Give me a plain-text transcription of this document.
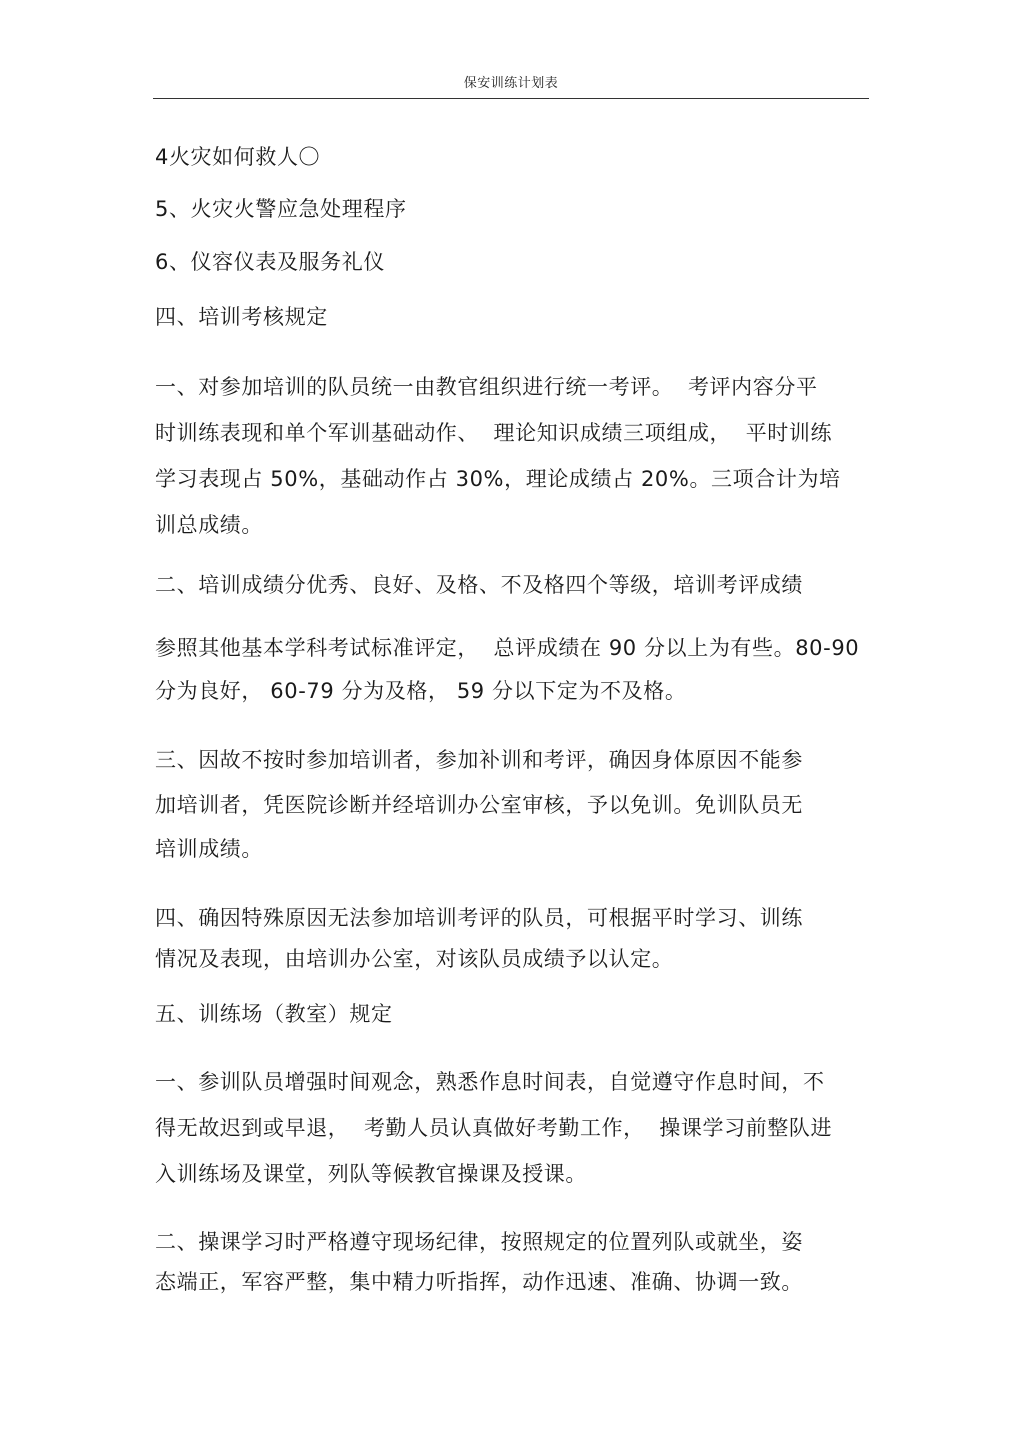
保安训练计划表
4火灾如何救人〇
5、火灾火警应急处理程序
6、仪容仪表及服务礼仪
四、培训考核规定
一、对参加培训的队员统一由教官组织进行统一考评。  考评内容分平
时训练表现和单个军训基础动作、  理论知识成绩三项组成，  平时训练
学习表现占 50%，基础动作占 30%，理论成绩占 20%。三项合计为培
训总成绩。
二、培训成绩分优秀、良好、及格、不及格四个等级，培训考评成绩
参照其他基本学科考试标准评定，  总评成绩在 90 分以上为有些。80-90
分为良好， 60-79 分为及格， 59 分以下定为不及格。
三、因故不按时参加培训者，参加补训和考评，确因身体原因不能参
加培训者，凭医院诊断并经培训办公室审核，予以免训。免训队员无
培训成绩。
四、确因特殊原因无法参加培训考评的队员，可根据平时学习、训练
情况及表现，由培训办公室，对该队员成绩予以认定。
五、训练场（教室）规定
一、参训队员增强时间观念，熟悉作息时间表，自觉遵守作息时间，不
得无故迟到或早退，  考勤人员认真做好考勤工作，  操课学习前整队进
入训练场及课堂，列队等候教官操课及授课。
二、操课学习时严格遵守现场纪律，按照规定的位置列队或就坐，姿
态端正，军容严整，集中精力听指挥，动作迅速、准确、协调一致。
